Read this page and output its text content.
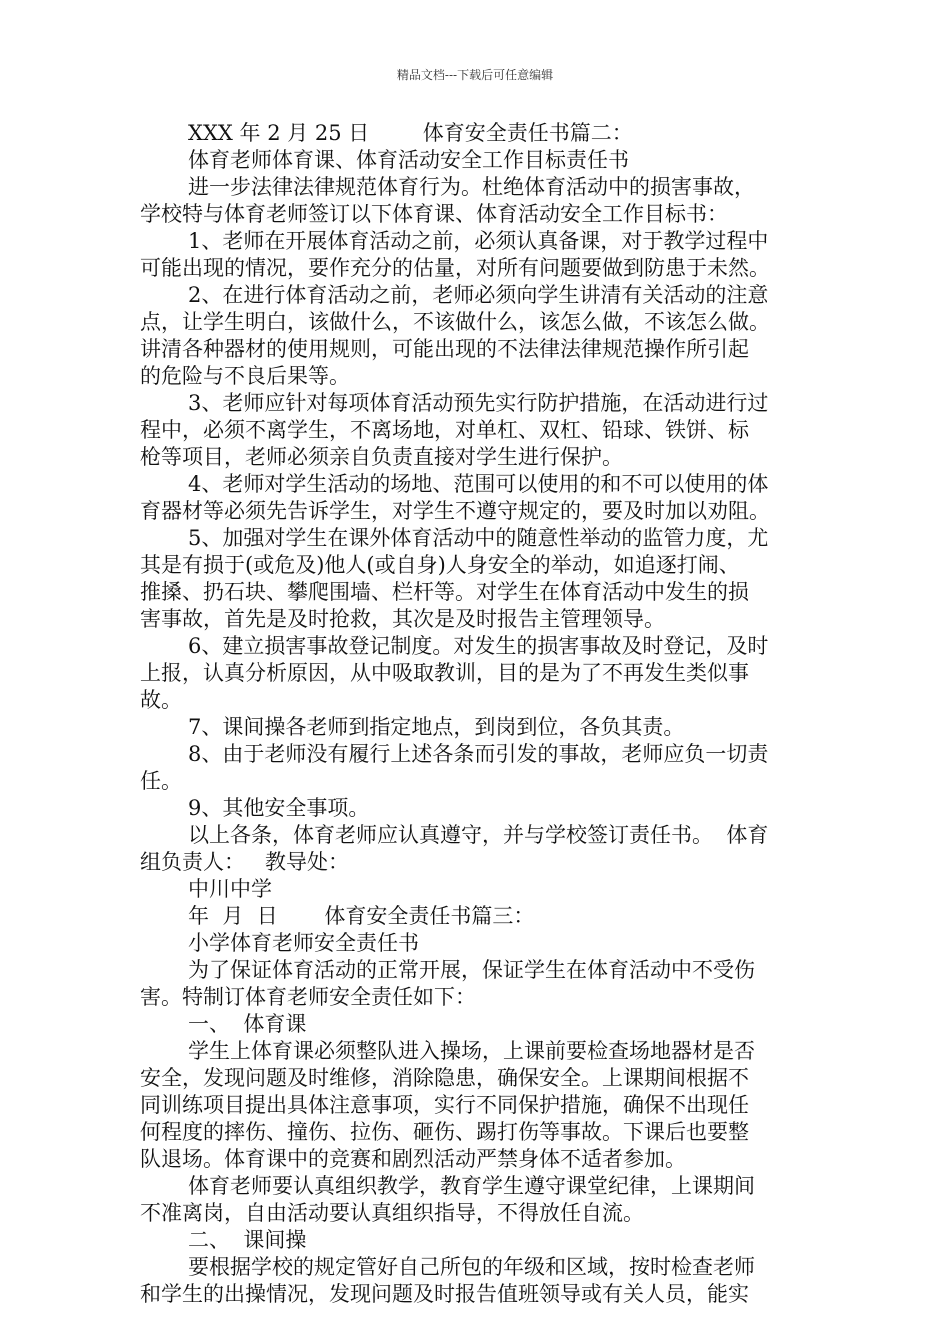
精品文档---下载后可任意编辑
XXX 年 2 月 25 日        体育安全责任书篇二：
体育老师体育课、体育活动安全工作目标责任书
进一步法律法律规范体育行为。杜绝体育活动中的损害事故，
学校特与体育老师签订以下体育课、体育活动安全工作目标书：
1、老师在开展体育活动之前，必须认真备课，对于教学过程中
可能出现的情况，要作充分的估量，对所有问题要做到防患于未然。
2、在进行体育活动之前，老师必须向学生讲清有关活动的注意
点，让学生明白，该做什么，不该做什么，该怎么做，不该怎么做。
讲清各种器材的使用规则，可能出现的不法律法律规范操作所引起
的危险与不良后果等。
3、老师应针对每项体育活动预先实行防护措施，在活动进行过
程中，必须不离学生，不离场地，对单杠、双杠、铅球、铁饼、标
枪等项目，老师必须亲自负责直接对学生进行保护。
4、老师对学生活动的场地、范围可以使用的和不可以使用的体
育器材等必须先告诉学生，对学生不遵守规定的，要及时加以劝阻。
5、加强对学生在课外体育活动中的随意性举动的监管力度，尤
其是有损于(或危及)他人(或自身)人身安全的举动，如追逐打闹、
推搡、扔石块、攀爬围墙、栏杆等。对学生在体育活动中发生的损
害事故，首先是及时抢救，其次是及时报告主管理领导。
6、建立损害事故登记制度。对发生的损害事故及时登记，及时
上报，认真分析原因，从中吸取教训，目的是为了不再发生类似事
故。
7、课间操各老师到指定地点，到岗到位，各负其责。
8、由于老师没有履行上述各条而引发的事故，老师应负一切责
任。
9、其他安全事项。
以上各条，体育老师应认真遵守，并与学校签订责任书。  体育
组负责人：   教导处：
中川中学
年  月  日       体育安全责任书篇三：
小学体育老师安全责任书
为了保证体育活动的正常开展，保证学生在体育活动中不受伤
害。特制订体育老师安全责任如下：
一、  体育课
学生上体育课必须整队进入操场，上课前要检查场地器材是否
安全，发现问题及时维修，消除隐患，确保安全。上课期间根据不
同训练项目提出具体注意事项，实行不同保护措施，确保不出现任
何程度的摔伤、撞伤、拉伤、砸伤、踢打伤等事故。下课后也要整
队退场。体育课中的竞赛和剧烈活动严禁身体不适者参加。
体育老师要认真组织教学，教育学生遵守课堂纪律，上课期间
不准离岗，自由活动要认真组织指导，不得放任自流。
二、  课间操
要根据学校的规定管好自己所包的年级和区域，按时检查老师
和学生的出操情况，发现问题及时报告值班领导或有关人员，能实
